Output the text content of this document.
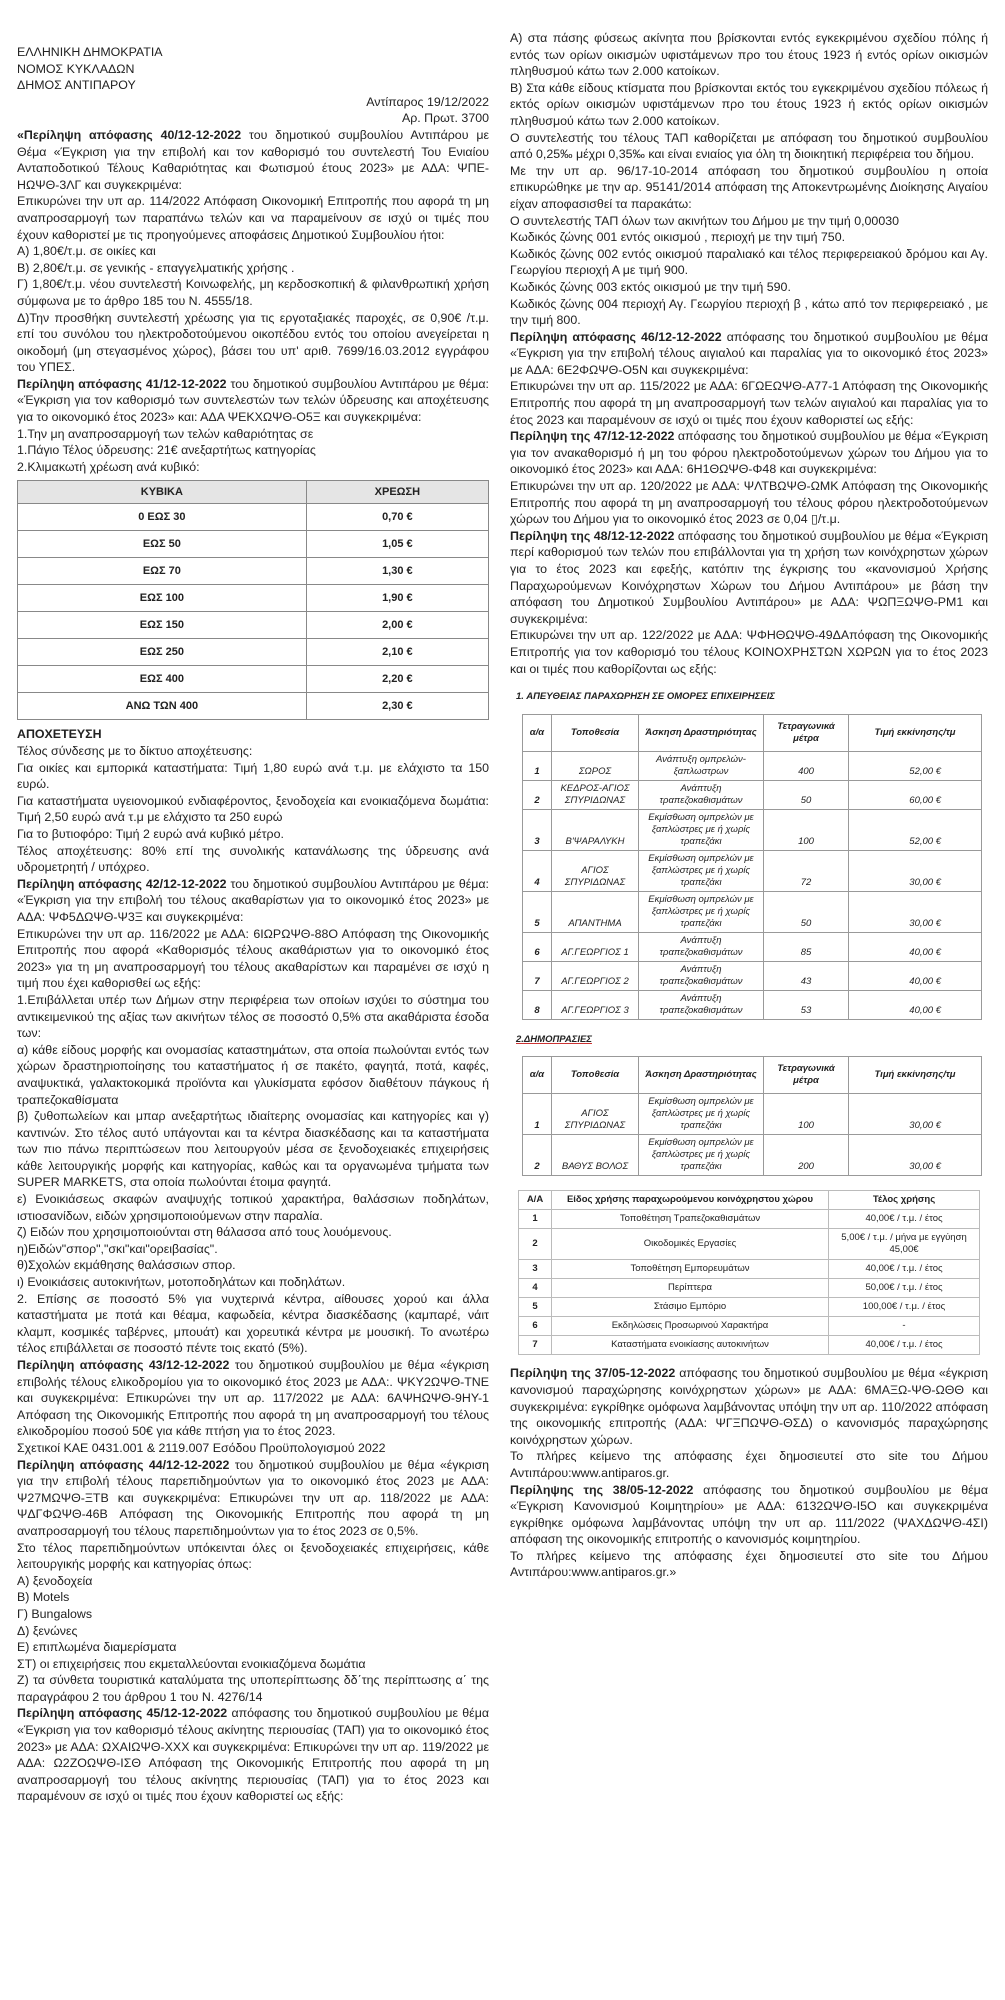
ΕΛΛΗΝΙΚΗ ΔΗΜΟΚΡΑΤΙΑ

ΝΟΜΟΣ ΚΥΚΛΑΔΩΝ

ΔΗΜΟΣ ΑΝΤΙΠΑΡΟΥ

Αντίπαρος 19/12/2022

Αρ. Πρωτ. 3700

«Περίληψη απόφασης 40/12-12-2022 του δημοτικού συμβουλίου Αντιπάρου με Θέμα «Έγκριση για την επιβολή και τον καθορισμό του συντελεστή Του Ενιαίου Ανταποδοτικού Τέλους Καθαριότητας και Φωτισμού έτους 2023» με ΑΔΑ: ΨΠΕ-ΗΩΨΘ-3ΛΓ και συγκεκριμένα:

Επικυρώνει την υπ αρ. 114/2022 Απόφαση Οικονομική Επιτροπής που αφορά τη μη αναπροσαρμογή των παραπάνω τελών και να παραμείνουν σε ισχύ οι τιμές που έχουν καθοριστεί με τις προηγούμενες αποφάσεις Δημοτικού Συμβουλίου ήτοι:

Α) 1,80€/τ.μ. σε οικίες και

Β) 2,80€/τ.μ. σε γενικής - επαγγελματικής χρήσης .

Γ) 1,80€/τ.μ. νέου συντελεστή Κοινωφελής, μη κερδοσκοπική & φιλανθρωπική χρήση σύμφωνα με το άρθρο 185 του Ν. 4555/18.

Δ)Την προσθήκη συντελεστή χρέωσης για τις εργοταξιακές παροχές, σε 0,90€ /τ.μ. επί του συνόλου του ηλεκτροδοτούμενου οικοπέδου εντός του οποίου ανεγείρεται η οικοδομή (μη στεγασμένος χώρος), βάσει του υπ' αριθ. 7699/16.03.2012 εγγράφου του ΥΠΕΣ.

Περίληψη απόφασης 41/12-12-2022 του δημοτικού συμβουλίου Αντιπάρου με θέμα: «Έγκριση για τον καθορισμό των συντελεστών των τελών ύδρευσης και αποχέτευσης για το οικονομικό έτος 2023» και: ΑΔΑ ΨΕΚΧΩΨΘ-Ο5Ξ και συγκεκριμένα:

1.Την μη αναπροσαρμογή των τελών καθαριότητας σε

1.Πάγιο Τέλος ύδρευσης: 21€ ανεξαρτήτως κατηγορίας

2.Κλιμακωτή χρέωση ανά κυβικό:

ΚΥΒΙΚΑ	ΧΡΕΩΣΗ
0 ΕΩΣ 30	0,70 €
ΕΩΣ 50	1,05 €
ΕΩΣ 70	1,30 €
ΕΩΣ 100	1,90 €
ΕΩΣ 150	2,00 €
ΕΩΣ 250	2,10 €
ΕΩΣ 400	2,20 €
ΑΝΩ ΤΩΝ 400	2,30 €

ΑΠΟΧΕΤΕΥΣΗ

Τέλος σύνδεσης με το δίκτυο αποχέτευσης:

Για οικίες και εμπορικά καταστήματα: Τιμή 1,80 ευρώ ανά τ.μ. με ελάχιστο τα 150 ευρώ.

Για καταστήματα υγειονομικού ενδιαφέροντος, ξενοδοχεία και ενοικιαζόμενα δωμάτια: Τιμή 2,50 ευρώ ανά τ.μ με ελάχιστο τα 250 ευρώ

Για το βυτιοφόρο: Τιμή 2 ευρώ ανά κυβικό μέτρο.

Τέλος αποχέτευσης: 80% επί της συνολικής κατανάλωσης της ύδρευσης ανά υδρομετρητή / υπόχρεο.

Περίληψη απόφασης 42/12-12-2022 του δημοτικού συμβουλίου Αντιπάρου με θέμα: «Έγκριση για την επιβολή του τέλους ακαθαρίστων για το οικονομικό έτος 2023» με ΑΔΑ: ΨΦ5ΔΩΨΘ-Ψ3Ξ και συγκεκριμένα:

Επικυρώνει την υπ αρ. 116/2022 με ΑΔΑ: 6ΙΩΡΩΨΘ-88Ο Απόφαση της Οικονομικής Επιτροπής που αφορά «Καθορισμός τέλους ακαθάριστων για το οικονομικό έτος 2023» για τη μη αναπροσαρμογή του τέλους ακαθαρίστων και παραμένει σε ισχύ η τιμή που έχει καθορισθεί ως εξής:

1.Επιβάλλεται υπέρ των Δήμων στην περιφέρεια των οποίων ισχύει το σύστημα του αντικειμενικού της αξίας των ακινήτων τέλος σε ποσοστό 0,5% στα ακαθάριστα έσοδα των:

α) κάθε είδους μορφής και ονομασίας καταστημάτων, στα οποία πωλούνται εντός των χώρων δραστηριοποίησης του καταστήματος ή σε πακέτο, φαγητά, ποτά, καφές, αναψυκτικά, γαλακτοκομικά προϊόντα και γλυκίσματα εφόσον διαθέτουν πάγκους ή τραπεζοκαθίσματα

β) ζυθοπωλείων και μπαρ ανεξαρτήτως ιδιαίτερης ονομασίας και κατηγορίες και γ) καντινών. Στο τέλος αυτό υπάγονται και τα κέντρα διασκέδασης και τα καταστήματα των πιο πάνω περιπτώσεων που λειτουργούν μέσα σε ξενοδοχειακές επιχειρήσεις κάθε λειτουργικής μορφής και κατηγορίας, καθώς και τα οργανωμένα τμήματα των SUPER MARKETS, στα οποία πωλούνται έτοιμα φαγητά.

ε) Ενοικιάσεως σκαφών αναψυχής τοπικού χαρακτήρα, θαλάσσιων ποδηλάτων, ιστιοσανίδων, ειδών χρησιμοποιούμενων στην παραλία.

ζ) Ειδών που χρησιμοποιούνται στη θάλασσα από τους λουόμενους.

η)Ειδών"σπορ","σκι"και"ορειβασίας".

θ)Σχολών εκμάθησης θαλάσσιων σπορ.

ι) Ενοικιάσεις αυτοκινήτων, μοτοποδηλάτων και ποδηλάτων.

2. Επίσης σε ποσοστό 5% για νυχτερινά κέντρα, αίθουσες χορού και άλλα καταστήματα με ποτά και θέαμα, καφωδεία, κέντρα διασκέδασης (καμπαρέ, νάιτ κλαμπ, κοσμικές ταβέρνες, μπουάτ) και χορευτικά κέντρα με μουσική. Το ανωτέρω τέλος επιβάλλεται σε ποσοστό πέντε τοις εκατό (5%).

Περίληψη απόφασης 43/12-12-2022 του δημοτικού συμβουλίου με θέμα «έγκριση επιβολής τέλους ελικοδρομίου για το οικονομικό έτος 2023 με ΑΔΑ:. ΨΚΥ2ΩΨΘ-ΤΝΕ και συγκεκριμένα: Επικυρώνει την υπ αρ. 117/2022 με ΑΔΑ: 6ΑΨΗΩΨΘ-9ΗΥ-1 Απόφαση της Οικονομικής Επιτροπής που αφορά τη μη αναπροσαρμογή του τέλους ελικοδρομίου ποσού 50€ για κάθε πτήση για το έτος 2023.

Σχετικοί ΚΑΕ 0431.001 & 2119.007 Εσόδου Προϋπολογισμού 2022

Περίληψη απόφασης 44/12-12-2022 του δημοτικού συμβουλίου με θέμα «έγκριση για την επιβολή τέλους παρεπιδημούντων για το οικονομικό έτος 2023 με ΑΔΑ: Ψ27ΜΩΨΘ-ΞΤΒ και συγκεκριμένα: Επικυρώνει την υπ αρ. 118/2022 με ΑΔΑ: ΨΔΓΦΩΨΘ-46Β Απόφαση της Οικονομικής Επιτροπής που αφορά τη μη αναπροσαρμογή του τέλους παρεπιδημούντων για το έτος 2023 σε 0,5%.

Στο τέλος παρεπιδημούντων υπόκεινται όλες οι ξενοδοχειακές επιχειρήσεις, κάθε λειτουργικής μορφής και κατηγορίας όπως:

Α) ξενοδοχεία

Β) Motels

Γ) Bungalows

Δ) ξενώνες

Ε) επιπλωμένα διαμερίσματα

ΣΤ) οι επιχειρήσεις που εκμεταλλεύονται ενοικιαζόμενα δωμάτια

Ζ) τα σύνθετα τουριστικά καταλύματα της υποπερίπτωσης δδ΄της περίπτωσης α΄ της παραγράφου 2 του άρθρου 1 του Ν. 4276/14

Περίληψη απόφασης 45/12-12-2022 απόφασης του δημοτικού συμβουλίου με θέμα «Έγκριση για τον καθορισμό τέλους ακίνητης περιουσίας (ΤΑΠ) για το οικονομικό έτος 2023» με ΑΔΑ: ΩΧΑΙΩΨΘ-ΧΧΧ και συγκεκριμένα: Επικυρώνει την υπ αρ. 119/2022 με ΑΔΑ: Ω2ΖΟΩΨΘ-ΙΣΘ Απόφαση της Οικονομικής Επιτροπής που αφορά τη μη αναπροσαρμογή του τέλους ακίνητης περιουσίας (ΤΑΠ) για το έτος 2023 και παραμένουν σε ισχύ οι τιμές που έχουν καθοριστεί ως εξής:

Α) στα πάσης φύσεως ακίνητα που βρίσκονται εντός εγκεκριμένου σχεδίου πόλης ή εντός των ορίων οικισμών υφιστάμενων προ του έτους 1923 ή εντός ορίων οικισμών πληθυσμού κάτω των 2.000 κατοίκων.

Β) Στα κάθε είδους κτίσματα που βρίσκονται εκτός του εγκεκριμένου σχεδίου πόλεως ή εκτός ορίων οικισμών υφιστάμενων προ του έτους 1923 ή εκτός ορίων οικισμών πληθυσμού κάτω των 2.000 κατοίκων.

Ο συντελεστής του τέλους ΤΑΠ καθορίζεται με απόφαση του δημοτικού συμβουλίου από 0,25‰ μέχρι 0,35‰ και είναι ενιαίος για όλη τη διοικητική περιφέρεια του δήμου.

Με την υπ αρ. 96/17-10-2014 απόφαση του δημοτικού συμβουλίου η οποία επικυρώθηκε με την αρ. 95141/2014 απόφαση της Αποκεντρωμένης Διοίκησης Αιγαίου είχαν αποφασισθεί τα παρακάτω:

Ο συντελεστής ΤΑΠ όλων των ακινήτων του Δήμου με την τιμή 0,00030

Κωδικός ζώνης 001 εντός οικισμού , περιοχή με την τιμή 750.

Κωδικός ζώνης 002 εντός οικισμού παραλιακό και τέλος περιφερειακού δρόμου και Αγ. Γεωργίου περιοχή Α με τιμή 900.

Κωδικός ζώνης 003 εκτός οικισμού με την τιμή 590.

Κωδικός ζώνης 004 περιοχή Αγ. Γεωργίου περιοχή β , κάτω από τον περιφερειακό , με την τιμή 800.

Περίληψη απόφασης 46/12-12-2022 απόφασης του δημοτικού συμβουλίου με θέμα «Έγκριση για την επιβολή τέλους αιγιαλού και παραλίας για το οικονομικό έτος 2023» με ΑΔΑ: 6Ε2ΦΩΨΘ-Ο5Ν και συγκεκριμένα:

Επικυρώνει την υπ αρ. 115/2022 με ΑΔΑ: 6ΓΩΕΩΨΘ-Α77-1 Απόφαση της Οικονομικής Επιτροπής που αφορά τη μη αναπροσαρμογή των τελών αιγιαλού και παραλίας για το έτος 2023 και παραμένουν σε ισχύ οι τιμές που έχουν καθοριστεί ως εξής:

Περίληψη της 47/12-12-2022 απόφασης του δημοτικού συμβουλίου με θέμα «Έγκριση για τον ανακαθορισμό ή μη του φόρου ηλεκτροδοτούμενων χώρων του Δήμου για το οικονομικό έτος 2023» και ΑΔΑ: 6Η1ΘΩΨΘ-Φ48 και συγκεκριμένα:

Επικυρώνει την υπ αρ. 120/2022 με ΑΔΑ: ΨΛΤΒΩΨΘ-ΩΜΚ Απόφαση της Οικονομικής Επιτροπής που αφορά τη μη αναπροσαρμογή του τέλους φόρου ηλεκτροδοτούμενων χώρων του Δήμου για το οικονομικό έτος 2023 σε 0,04 ▯/τ.μ.

Περίληψη της 48/12-12-2022 απόφασης του δημοτικού συμβουλίου με θέμα «Έγκριση περί καθορισμού των τελών που επιβάλλονται για τη χρήση των κοινόχρηστων χώρων για το έτος 2023 και εφεξής, κατόπιν της έγκρισης του «κανονισμού Χρήσης Παραχωρούμενων Κοινόχρηστων Χώρων του Δήμου Αντιπάρου» με βάση την απόφαση του Δημοτικού Συμβουλίου Αντιπάρου» με ΑΔΑ: ΨΩΠΞΩΨΘ-ΡΜ1 και συγκεκριμένα:

Επικυρώνει την υπ αρ. 122/2022 με ΑΔΑ: ΨΦΗΘΩΨΘ-49ΔΑπόφαση της Οικονομικής Επιτροπής για τον καθορισμό του τέλους ΚΟΙΝΟΧΡΗΣΤΩΝ ΧΩΡΩΝ για το έτος 2023 και οι τιμές που καθορίζονται ως εξής:

1. ΑΠΕΥΘΕΙΑΣ ΠΑΡΑΧΩΡΗΣΗ ΣΕ ΟΜΟΡΕΣ ΕΠΙΧΕΙΡΗΣΕΙΣ
α/α	Τοποθεσία	Άσκηση Δραστηριότητας	Τετραγωνικά μέτρα	Τιμή εκκίνησης/τμ
1	ΣΩΡΟΣ	Ανάπτυξη ομπρελών-ξαπλωστρων	400	52,00 €
2	ΚΕΔΡΟΣ-ΑΓΙΟΣ ΣΠΥΡΙΔΩΝΑΣ	Ανάπτυξη τραπεζοκαθισμάτων	50	60,00 €
3	Β'ΨΑΡΑΛΥΚΗ	Εκμίσθωση ομπρελών με ξαπλώστρες με ή χωρίς τραπεζάκι	100	52,00 €
4	ΑΓΙΟΣ ΣΠΥΡΙΔΩΝΑΣ	Εκμίσθωση ομπρελών με ξαπλώστρες με ή χωρίς τραπεζάκι	72	30,00 €
5	ΑΠΑΝΤΗΜΑ	Εκμίσθωση ομπρελών με ξαπλώστρες με ή χωρίς τραπεζάκι	50	30,00 €
6	ΑΓ.ΓΕΩΡΓΙΟΣ 1	Ανάπτυξη τραπεζοκαθισμάτων	85	40,00 €
7	ΑΓ.ΓΕΩΡΓΙΟΣ 2	Ανάπτυξη τραπεζοκαθισμάτων	43	40,00 €
8	ΑΓ.ΓΕΩΡΓΙΟΣ 3	Ανάπτυξη τραπεζοκαθισμάτων	53	40,00 €
2.ΔΗΜΟΠΡΑΣΙΕΣ
α/α	Τοποθεσία	Άσκηση Δραστηριότητας	Τετραγωνικά μέτρα	Τιμή εκκίνησης/τμ
1	ΑΓΙΟΣ ΣΠΥΡΙΔΩΝΑΣ	Εκμίσθωση ομπρελών με ξαπλώστρες με ή χωρίς τραπεζάκι	100	30,00 €
2	ΒΑΘΥΣ ΒΟΛΟΣ	Εκμίσθωση ομπρελών με ξαπλώστρες με ή χωρίς τραπεζάκι	200	30,00 €
Α/Α	Είδος χρήσης παραχωρούμενου κοινόχρηστου χώρου	Τέλος χρήσης
1	Τοποθέτηση Τραπεζοκαθισμάτων	40,00€ / τ.μ. / έτος
2	Οικοδομικές Εργασίες	5,00€ / τ.μ. / μήνα με εγγύηση 45,00€
3	Τοποθέτηση Εμπορευμάτων	40,00€ / τ.μ. / έτος
4	Περίπτερα	50,00€ / τ.μ. / έτος
5	Στάσιμο Εμπόριο	100,00€ / τ.μ. / έτος
6	Εκδηλώσεις Προσωρινού Χαρακτήρα	-
7	Καταστήματα ενοικίασης αυτοκινήτων	40,00€ / τ.μ. / έτος

Περίληψη της 37/05-12-2022 απόφασης του δημοτικού συμβουλίου με θέμα «έγκριση κανονισμού παραχώρησης κοινόχρηστων χώρων» με ΑΔΑ: 6ΜΑΞΩ-ΨΘ-ΩΘΘ και συγκεκριμένα: εγκρίθηκε ομόφωνα λαμβάνοντας υπόψη την υπ αρ. 110/2022 απόφαση της οικονομικής επιτροπής (ΑΔΑ: ΨΓΞΠΩΨΘ-ΘΣΔ) ο κανονισμός παραχώρησης κοινόχρηστων χώρων.

Το πλήρες κείμενο της απόφασης έχει δημοσιευτεί στο site του Δήμου Αντιπάρου:www.antiparos.gr.

Περίληψης της 38/05-12-2022 απόφασης του δημοτικού συμβουλίου με θέμα «Έγκριση Κανονισμού Κοιμητηρίου» με ΑΔΑ: 6132ΩΨΘ-Ι5Ο και συγκεκριμένα εγκρίθηκε ομόφωνα λαμβάνοντας υπόψη την υπ αρ. 111/2022 (ΨΑΧΔΩΨΘ-4ΣΙ) απόφαση της οικονομικής επιτροπής ο κανονισμός κοιμητηρίου.

Το πλήρες κείμενο της απόφασης έχει δημοσιευτεί στο site του Δήμου Αντιπάρου:www.antiparos.gr.»
